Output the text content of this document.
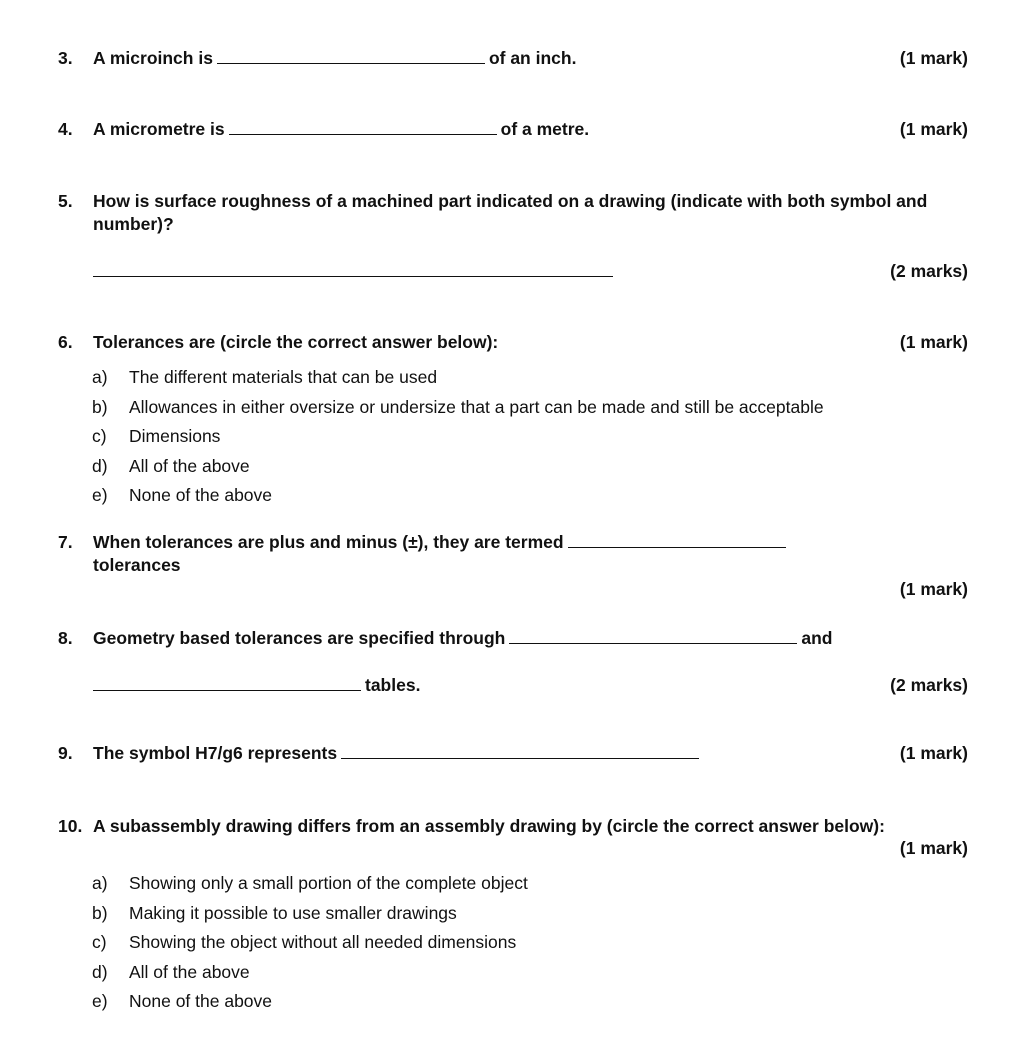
3. A microinch is	of an inch.	(1 mark)
4. A micrometre is	of a metre.	(1 mark)
5. How is surface roughness of a machined part indicated on a drawing (indicate with both symbol and number)?
(2 marks)
6. Tolerances are (circle the correct answer below):	(1 mark)
a)	The different materials that can be used
b)	Allowances in either oversize or undersize that a part can be made and still be acceptable
c)	Dimensions
d)	All of the above
e)	None of the above
7. When tolerances are plus and minus (±), they are termed
tolerances
(1 mark)
8. Geometry based tolerances are specified through	and
tables.	(2 marks)
9. The symbol H7/g6 represents	(1 mark)
10. A subassembly drawing differs from an assembly drawing by (circle the correct answer below):
(1 mark)
a)	Showing only a small portion of the complete object
b)	Making it possible to use smaller drawings
c)	Showing the object without all needed dimensions
d)	All of the above
e)	None of the above
